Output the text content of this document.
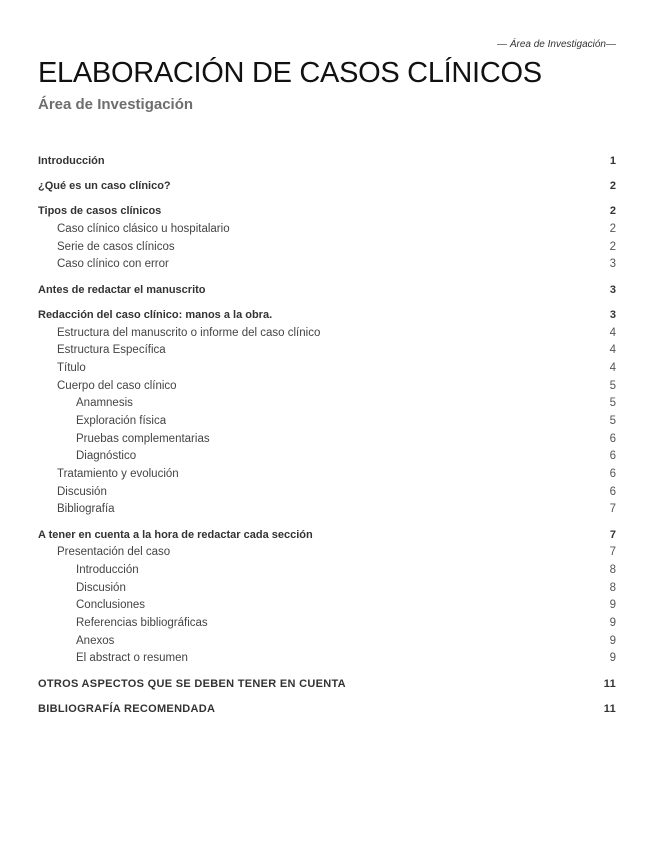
— Área de Investigación—
ELABORACIÓN DE CASOS CLÍNICOS
Área de Investigación
Introducción	1
¿Qué es un caso clínico?	2
Tipos de casos clínicos	2
Caso clínico clásico u hospitalario	2
Serie de casos clínicos	2
Caso clínico con error	3
Antes de redactar el manuscrito	3
Redacción del caso clínico: manos a la obra.	3
Estructura del manuscrito o informe del caso clínico	4
Estructura Específica	4
Título	4
Cuerpo del caso clínico	5
Anamnesis	5
Exploración física	5
Pruebas complementarias	6
Diagnóstico	6
Tratamiento y evolución	6
Discusión	6
Bibliografía	7
A tener en cuenta a la hora de redactar cada sección	7
Presentación del caso	7
Introducción	8
Discusión	8
Conclusiones	9
Referencias bibliográficas	9
Anexos	9
El abstract o resumen	9
OTROS ASPECTOS QUE SE DEBEN TENER EN CUENTA	11
BIBLIOGRAFÍA RECOMENDADA	11
